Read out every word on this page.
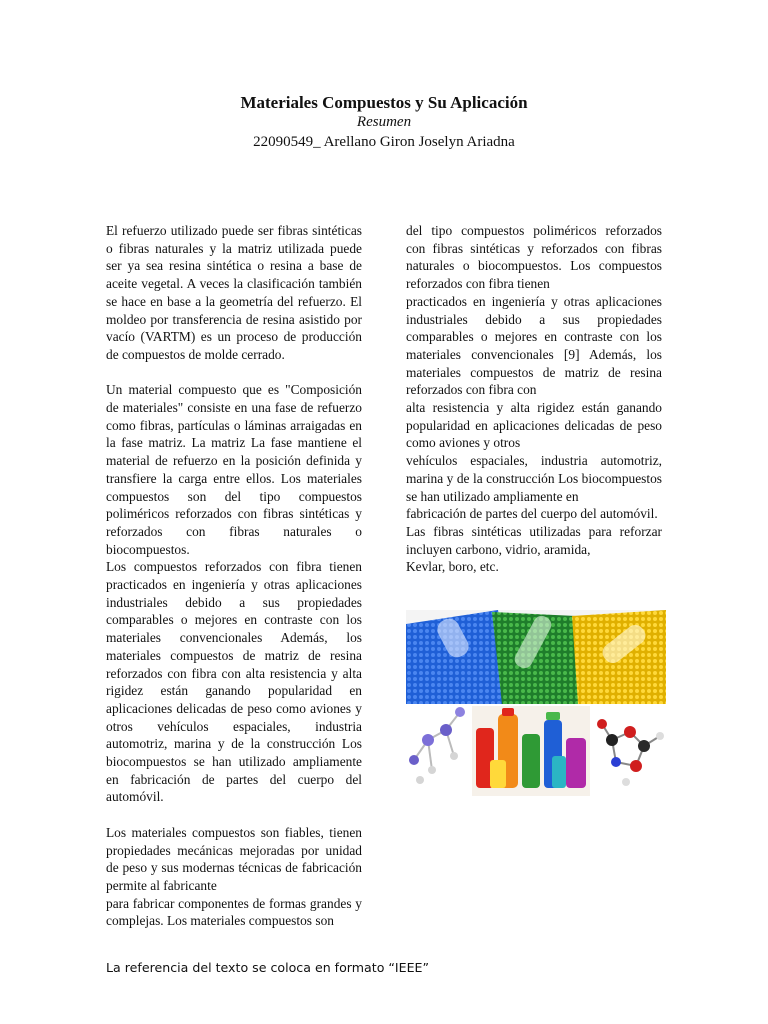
Materiales Compuestos y Su Aplicación
Resumen
22090549_ Arellano Giron Joselyn Ariadna

El refuerzo utilizado puede ser fibras sintéticas o fibras naturales y la matriz utilizada puede ser ya sea resina sintética o resina a base de aceite vegetal. A veces la clasificación también se hace en base a la geometría del refuerzo. El moldeo por transferencia de resina asistido por vacío (VARTM) es un proceso de producción de compuestos de molde cerrado.

Un material compuesto que es "Composición de materiales" consiste en una fase de refuerzo como fibras, partículas o láminas arraigadas en la fase matriz. La matriz La fase mantiene el material de refuerzo en la posición definida y transfiere la carga entre ellos. Los materiales compuestos son del tipo compuestos poliméricos reforzados con fibras sintéticas y reforzados con fibras naturales o biocompuestos.

Los compuestos reforzados con fibra tienen practicados en ingeniería y otras aplicaciones industriales debido a sus propiedades comparables o mejores en contraste con los materiales convencionales Además, los materiales compuestos de matriz de resina reforzados con fibra con alta resistencia y alta rigidez están ganando popularidad en aplicaciones delicadas de peso como aviones y otros vehículos espaciales, industria automotriz, marina y de la construcción Los biocompuestos se han utilizado ampliamente en fabricación de partes del cuerpo del automóvil.

Los materiales compuestos son fiables, tienen propiedades mecánicas mejoradas por unidad de peso y sus modernas técnicas de fabricación permite al fabricante

para fabricar componentes de formas grandes y complejas. Los materiales compuestos son

del tipo compuestos poliméricos reforzados con fibras sintéticas y reforzados con fibras naturales o biocompuestos. Los compuestos reforzados con fibra tienen

practicados en ingeniería y otras aplicaciones industriales debido a sus propiedades comparables o mejores en contraste con los materiales convencionales [9] Además, los materiales compuestos de matriz de resina reforzados con fibra con

alta resistencia y alta rigidez están ganando popularidad en aplicaciones delicadas de peso como aviones y otros

vehículos espaciales, industria automotriz, marina y de la construcción Los biocompuestos se han utilizado ampliamente en

fabricación de partes del cuerpo del automóvil.

Las fibras sintéticas utilizadas para reforzar incluyen carbono, vidrio, aramida,

Kevlar, boro, etc.

La referencia del texto se coloca en formato “IEEE”
